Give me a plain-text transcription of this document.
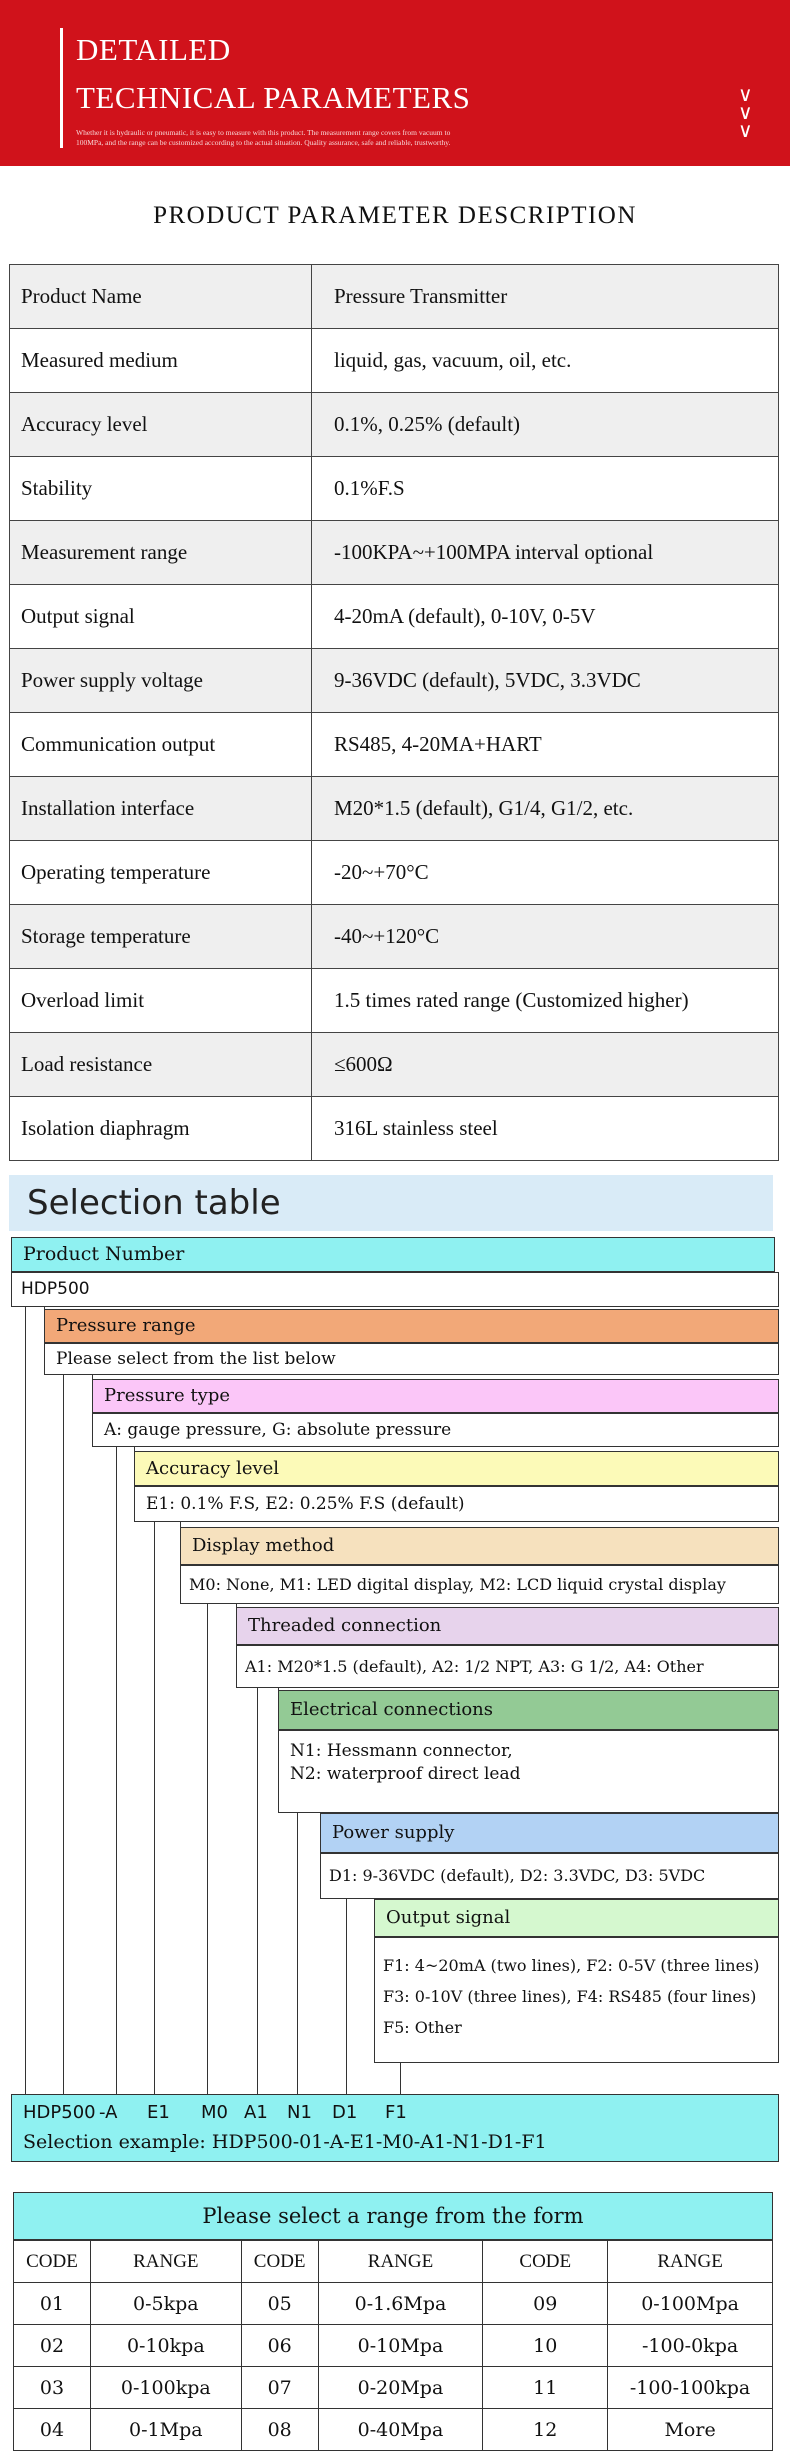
DETAILED
TECHNICAL PARAMETERS
Whether it is hydraulic or pneumatic, it is easy to measure with this product. The measurement range covers from vacuum to 100MPa, and the range can be customized according to the actual situation. Quality assurance, safe and reliable, trustworthy.
∨
∨
∨
PRODUCT PARAMETER DESCRIPTION
Product Name	Pressure Transmitter
Measured medium	liquid, gas, vacuum, oil, etc.
Accuracy level	0.1%, 0.25% (default)
Stability	0.1%F.S
Measurement range	-100KPA~+100MPA interval optional
Output signal	4-20mA (default), 0-10V, 0-5V
Power supply voltage	9-36VDC (default), 5VDC, 3.3VDC
Communication output	RS485, 4-20MA+HART
Installation interface	M20*1.5 (default), G1/4, G1/2, etc.
Operating temperature	-20~+70°C
Storage temperature	-40~+120°C
Overload limit	1.5 times rated range (Customized higher)
Load resistance	≤600Ω
Isolation diaphragm	316L stainless steel
Selection table
Product Number
HDP500
Pressure range
Please select from the list below
Pressure type
A: gauge pressure, G: absolute pressure
Accuracy level
E1: 0.1% F.S, E2: 0.25% F.S (default)
Display method
M0: None, M1: LED digital display, M2: LCD liquid crystal display
Threaded connection
A1: M20*1.5 (default), A2: 1/2 NPT, A3: G 1/2, A4: Other
Electrical connections
N1: Hessmann connector,
N2: waterproof direct lead
Power supply
D1: 9-36VDC (default), D2: 3.3VDC, D3: 5VDC
Output signal
F1: 4~20mA (two lines), F2: 0-5V (three lines)
F3: 0-10V (three lines), F4: RS485 (four lines)
F5: Other
HDP500 -A E1 M0 A1 N1 D1 F1
Selection example: HDP500-01-A-E1-M0-A1-N1-D1-F1
Please select a range from the form
CODE	RANGE	CODE	RANGE	CODE	RANGE
01	0-5kpa	05	0-1.6Mpa	09	0-100Mpa
02	0-10kpa	06	0-10Mpa	10	-100-0kpa
03	0-100kpa	07	0-20Mpa	11	-100-100kpa
04	0-1Mpa	08	0-40Mpa	12	More
